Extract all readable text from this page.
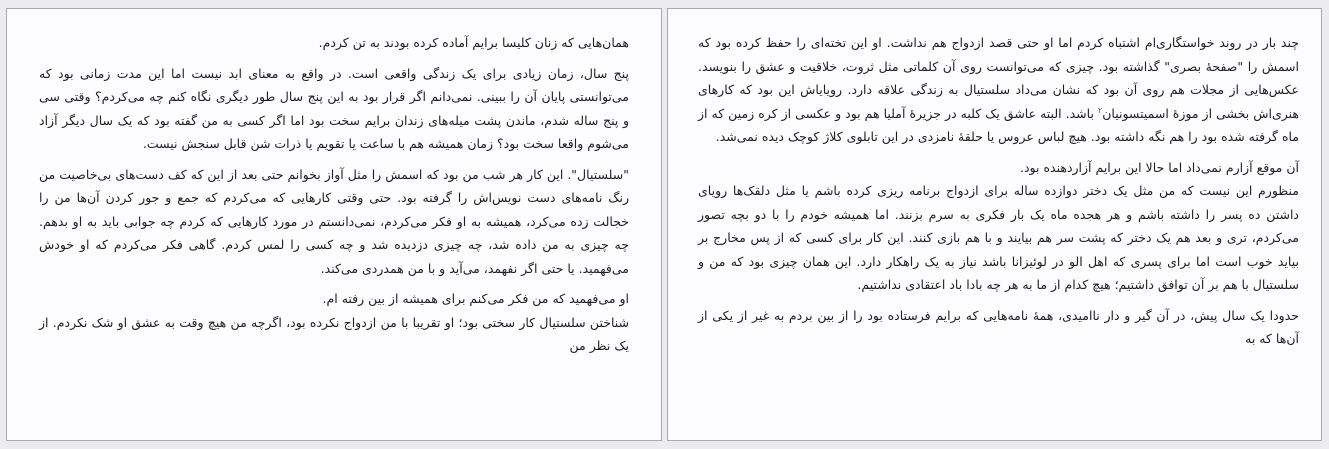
همان‌هایی که زنان کلیسا برایم آماده کرده بودند به تن کردم.

پنج سال، زمان زیادی برای یک زندگی واقعی است. در واقع به معنای ابد نیست اما این مدت زمانی بود که می‌توانستی پایان آن را ببینی. نمی‌دانم اگر قرار بود به این پنج سال طور دیگری نگاه کنم چه می‌کردم؟ وقتی سی و پنج ساله شدم، ماندن پشت میله‌های زندان برایم سخت بود اما اگر کسی به من گفته بود که یک سال دیگر آزاد می‌شوم واقعا سخت بود؟ زمان همیشه هم با ساعت یا تقویم یا ذرات شن قابل سنجش نیست.

"سلستیال". این کار هر شب من بود که اسمش را مثل آواز بخوانم حتی بعد از این که کف دست‌های بی‌خاصیت من رنگ نامه‌های دست نویس‌اش را گرفته بود. حتی وقتی کارهایی که می‌کردم که جمع و جور کردن آن‌ها من را خجالت زده می‌کرد، همیشه به او فکر می‌کردم، نمی‌دانستم در مورد کارهایی که کردم چه جوابی باید به او بدهم. چه چیزی به من داده شد، چه چیزی دزدیده شد و چه کسی را لمس کردم. گاهی فکر می‌کردم که او خودش می‌فهمید. یا حتی اگر نفهمد، می‌آید و با من همدردی می‌کند.

او می‌فهمید که من فکر می‌کنم برای همیشه از بین رفته ام.

شناختن سلستیال کار سختی بود؛ او تقریبا با من ازدواج نکرده بود، اگرچه من هیچ وقت به عشق او شک نکردم. از یک نظر من

چند بار در روند خواستگاری‌ام اشتباه کردم اما او حتی قصد ازدواج هم نداشت. او این تخته‌ای را حفظ کرده بود که اسمش را "صفحهٔ بصری" گذاشته بود. چیزی که می‌توانست روی آن کلماتی مثل ثروت، خلاقیت و عشق را بنویسد. عکس‌هایی از مجلات هم روی آن بود که نشان می‌داد سلستیال به زندگی علاقه دارد. رویایاش این بود که کارهای هنری‌اش بخشی از موزهٔ اسمیتسونیان$^۲$ باشد. البته عاشق یک کلبه در جزیرهٔ آملیا هم بود و عکسی از کره زمین که از ماه گرفته شده بود را هم نگه داشته بود. هیچ لباس عروس یا حلقهٔ نامزدی در این تابلوی کلاژ کوچک دیده نمی‌شد.

آن موقع آزارم نمی‌داد اما حالا این برایم آزاردهنده بود.

منظورم این نیست که من مثل یک دختر دوازده ساله برای ازدواج برنامه ریزی کرده باشم یا مثل دلقک‌ها رویای داشتن ده پسر را داشته باشم و هر هجده ماه یک بار فکری به سرم بزنند. اما همیشه خودم را با دو بچه تصور می‌کردم، تری و بعد هم یک دختر که پشت سر هم بیایند و با هم بازی کنند. این کار برای کسی که از پس مخارج بر بیاید خوب است اما برای پسری که اهل الو در لوئیزانا باشد نیاز به یک راهکار دارد. این همان چیزی بود که من و سلستیال با هم بر آن توافق داشتیم؛ هیچ کدام از ما به هر چه بادا باد اعتقادی نداشتیم.

حدودا یک سال پیش، در آن گیر و دار ناامیدی، همهٔ نامه‌هایی که برایم فرستاده بود را از بین بردم به غیر از یکی از آن‌ها که به
